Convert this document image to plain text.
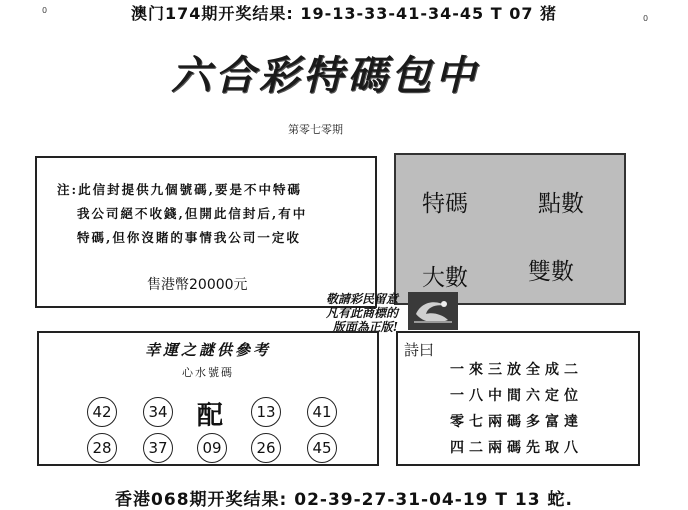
0
0
澳门174期开奖结果: 19-13-33-41-34-45 T 07 猪
六合彩特碼包中
第零七零期
注:此信封提供九個號碼,要是不中特碼
我公司絕不收錢,但開此信封后,有中
特碼,但你沒賭的事情我公司一定收
售港幣20000元
特碼	點數
大數	雙數
敬請彩民留意
凡有此商標的
版面為正版!
幸運之謎供參考
心水號碼
42	34 配	13	41
28	37	09	26	45
詩曰
一來三放全成二
一八中間六定位
零七兩碼多富達
四二兩碼先取八
香港068期开奖结果: 02-39-27-31-04-19 T 13 蛇.
